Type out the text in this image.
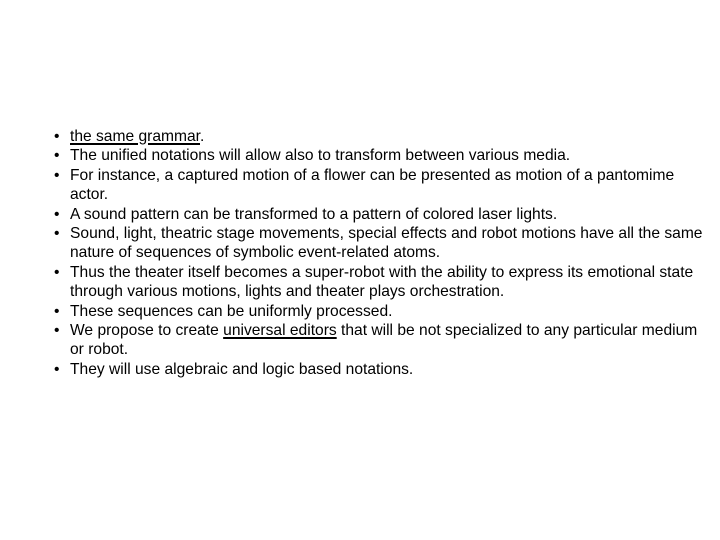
• the same grammar.
• The unified notations will allow also to transform between various media.
• For instance, a captured motion of a flower can be presented as motion of a pantomime actor.
• A sound pattern can be transformed to a pattern of colored laser lights.
• Sound, light, theatric stage movements, special effects and robot motions have all the same nature of sequences of symbolic event-related atoms.
• Thus the theater itself becomes a super-robot with the ability to express its emotional state through various motions, lights and theater plays orchestration.
• These sequences can be uniformly processed.
• We propose to create universal editors that will be not specialized to any particular medium or robot.
• They will use algebraic and logic based notations.
